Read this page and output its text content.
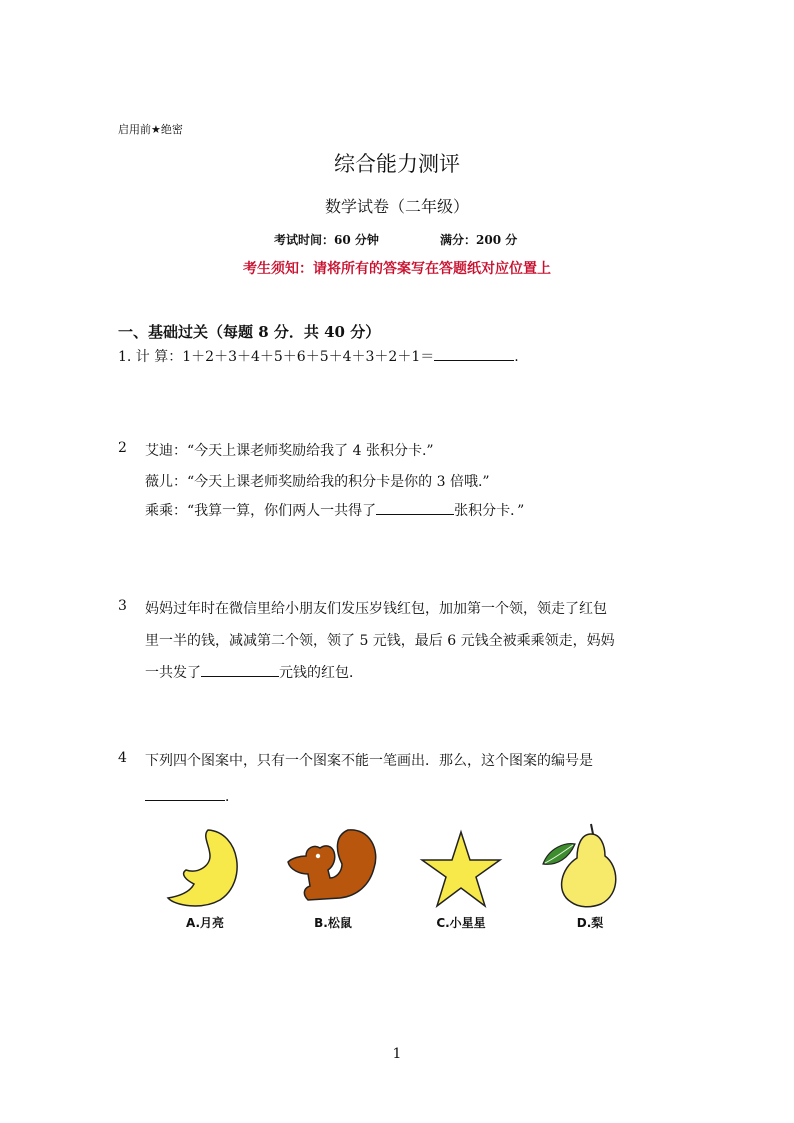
启用前★绝密
综合能力测评
数学试卷（二年级）
考试时间：60 分钟	满分：200 分
考生须知：请将所有的答案写在答题纸对应位置上
一、基础过关（每题 8 分．共 40 分）
1. 计 算：1＋2＋3＋4＋5＋6＋5＋4＋3＋2＋1＝	.
2 艾迪：“今天上课老师奖励给我了 4 张积分卡.”
薇儿：“今天上课老师奖励给我的积分卡是你的 3 倍哦.”
乘乘：“我算一算，你们两人一共得了	张积分卡．”
3 妈妈过年时在微信里给小朋友们发压岁钱红包，加加第一个领，领走了红包
里一半的钱，减减第二个领，领了 5 元钱，最后 6 元钱全被乘乘领走，妈妈
一共发了	元钱的红包．
4 下列四个图案中，只有一个图案不能一笔画出．那么，这个图案的编号是
．
A.月亮	B.松鼠	C.小星星	D.梨
1
